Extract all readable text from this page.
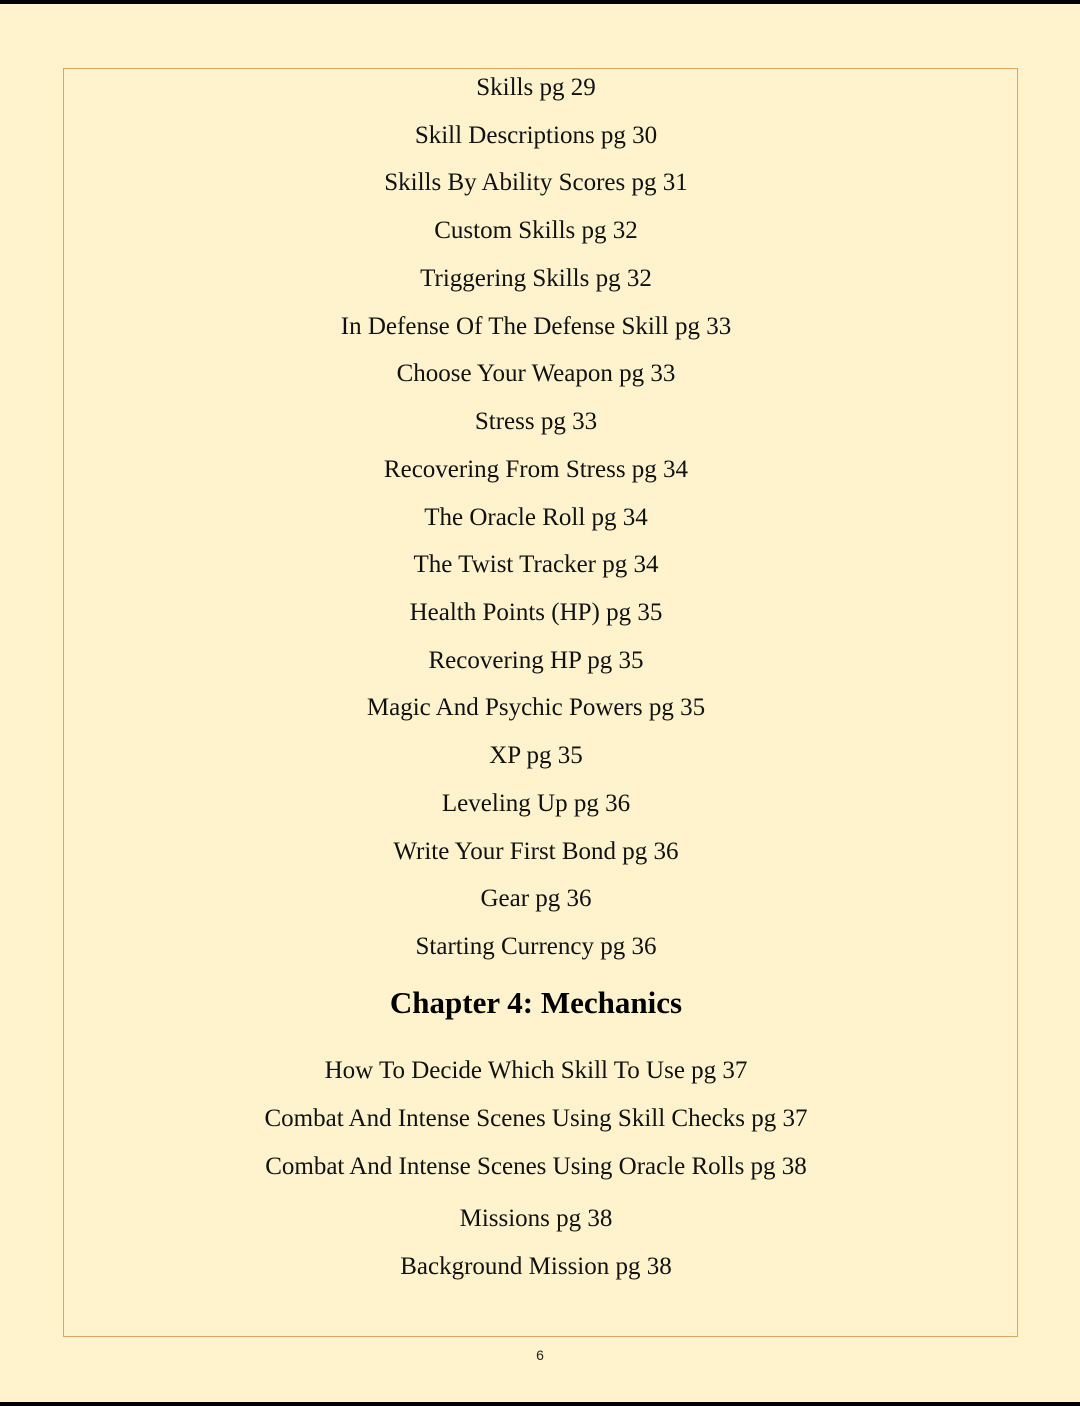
Skills pg 29
Skill Descriptions pg 30
Skills By Ability Scores pg 31
Custom Skills pg 32
Triggering Skills pg 32
In Defense Of The Defense Skill pg 33
Choose Your Weapon pg 33
Stress pg 33
Recovering From Stress pg 34
The Oracle Roll pg 34
The Twist Tracker pg 34
Health Points (HP) pg 35
Recovering HP pg 35
Magic And Psychic Powers pg 35
XP pg 35
Leveling Up pg 36
Write Your First Bond pg 36
Gear pg 36
Starting Currency pg 36
Chapter 4: Mechanics
How To Decide Which Skill To Use pg 37
Combat And Intense Scenes Using Skill Checks pg 37
Combat And Intense Scenes Using Oracle Rolls pg 38
Missions pg 38
Background Mission pg 38
6
